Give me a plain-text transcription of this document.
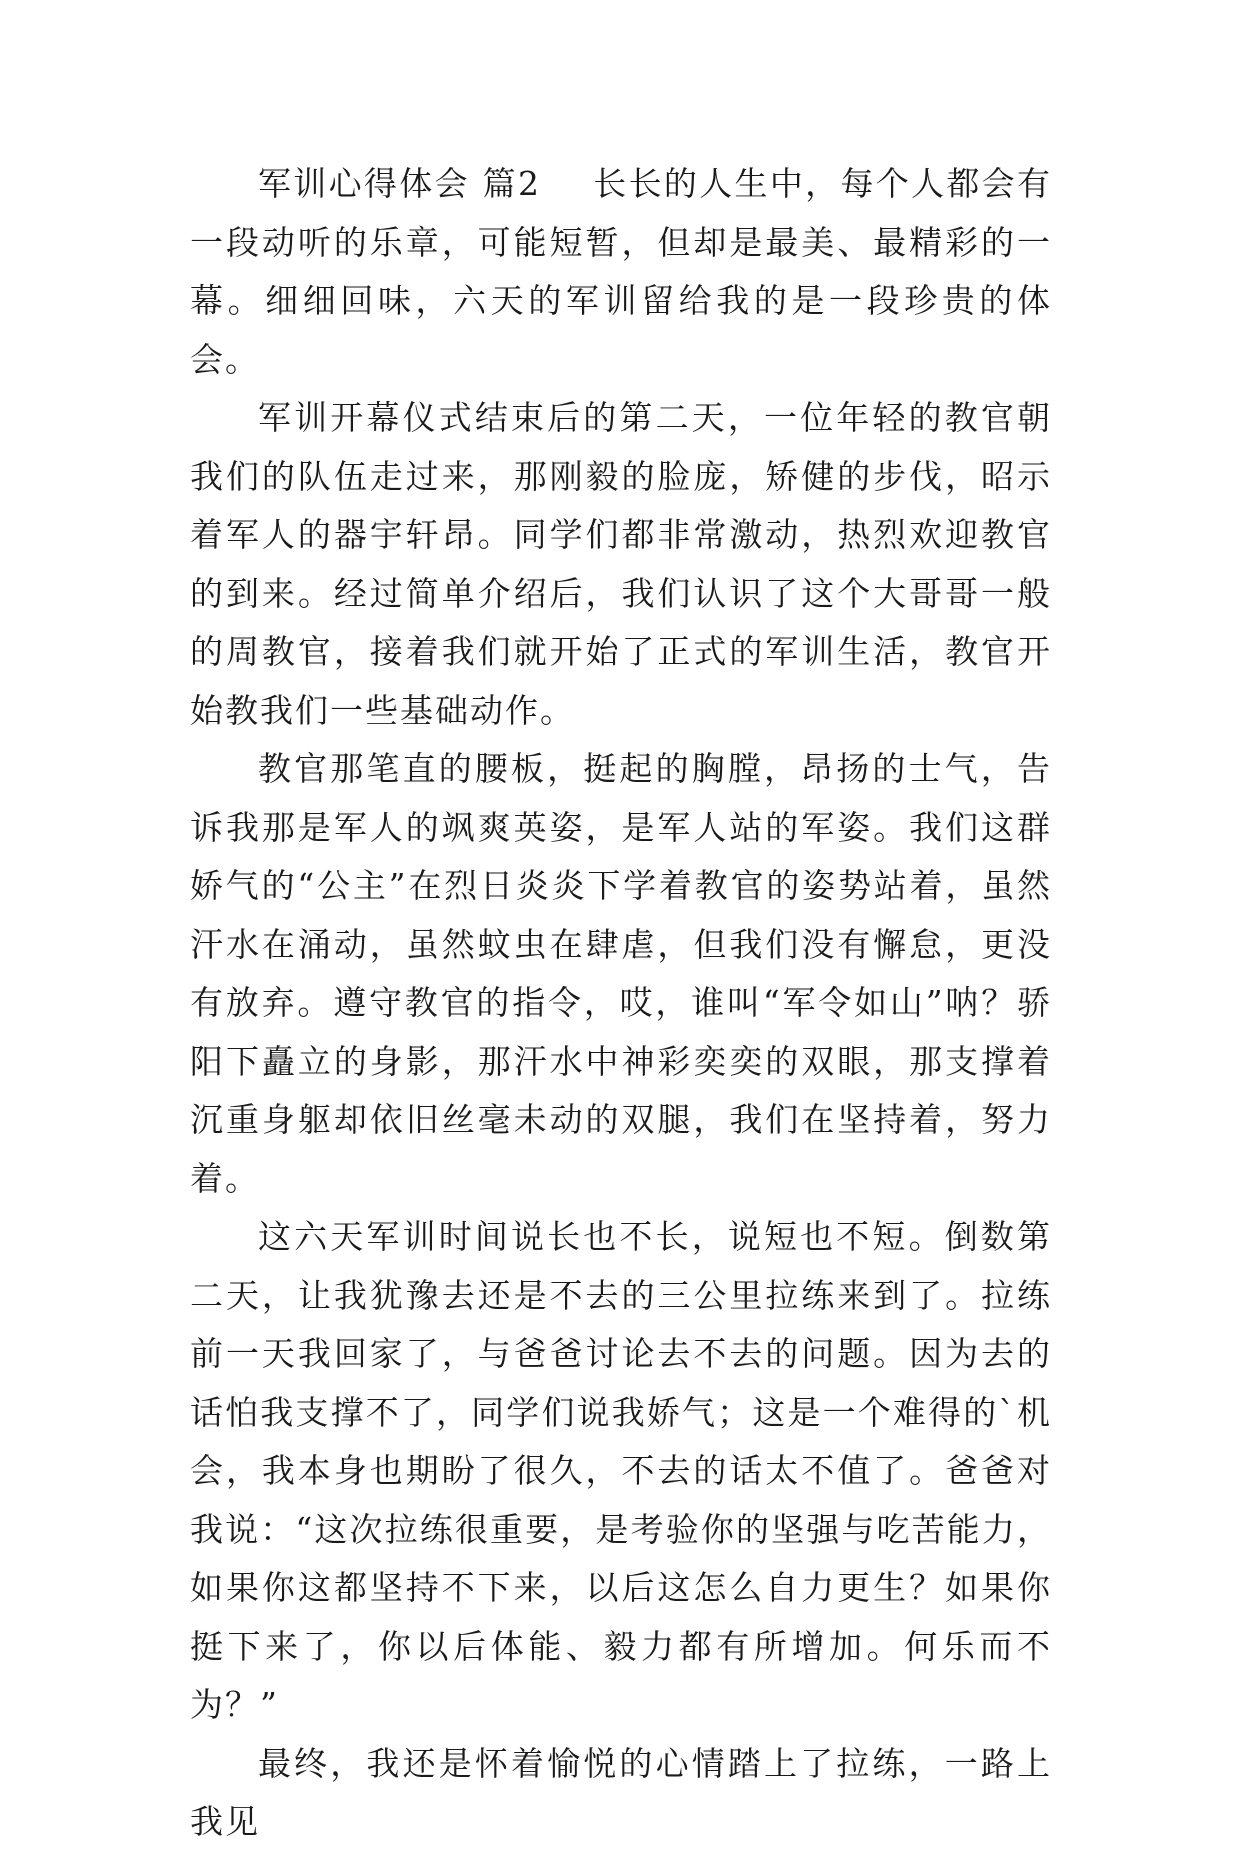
军训心得体会 篇2 长长的人生中，每个人都会有一段动听的乐章，可能短暂，但却是最美、最精彩的一幕。细细回味，六天的军训留给我的是一段珍贵的体会。

军训开幕仪式结束后的第二天，一位年轻的教官朝我们的队伍走过来，那刚毅的脸庞，矫健的步伐，昭示着军人的器宇轩昂。同学们都非常激动，热烈欢迎教官的到来。经过简单介绍后，我们认识了这个大哥哥一般的周教官，接着我们就开始了正式的军训生活，教官开始教我们一些基础动作。

教官那笔直的腰板，挺起的胸膛，昂扬的士气，告诉我那是军人的飒爽英姿，是军人站的军姿。我们这群娇气的“公主”在烈日炎炎下学着教官的姿势站着，虽然汗水在涌动，虽然蚊虫在肆虐，但我们没有懈怠，更没有放弃。遵守教官的指令，哎，谁叫“军令如山”呐？骄阳下矗立的身影，那汗水中神彩奕奕的双眼，那支撑着沉重身躯却依旧丝毫未动的双腿，我们在坚持着，努力着。

这六天军训时间说长也不长，说短也不短。倒数第二天，让我犹豫去还是不去的三公里拉练来到了。拉练前一天我回家了，与爸爸讨论去不去的问题。因为去的话怕我支撑不了，同学们说我娇气；这是一个难得的`机会，我本身也期盼了很久，不去的话太不值了。爸爸对我说：“这次拉练很重要，是考验你的坚强与吃苦能力，如果你这都坚持不下来，以后这怎么自力更生？如果你挺下来了，你以后体能、毅力都有所增加。何乐而不为？”

最终，我还是怀着愉悦的心情踏上了拉练，一路上我见
